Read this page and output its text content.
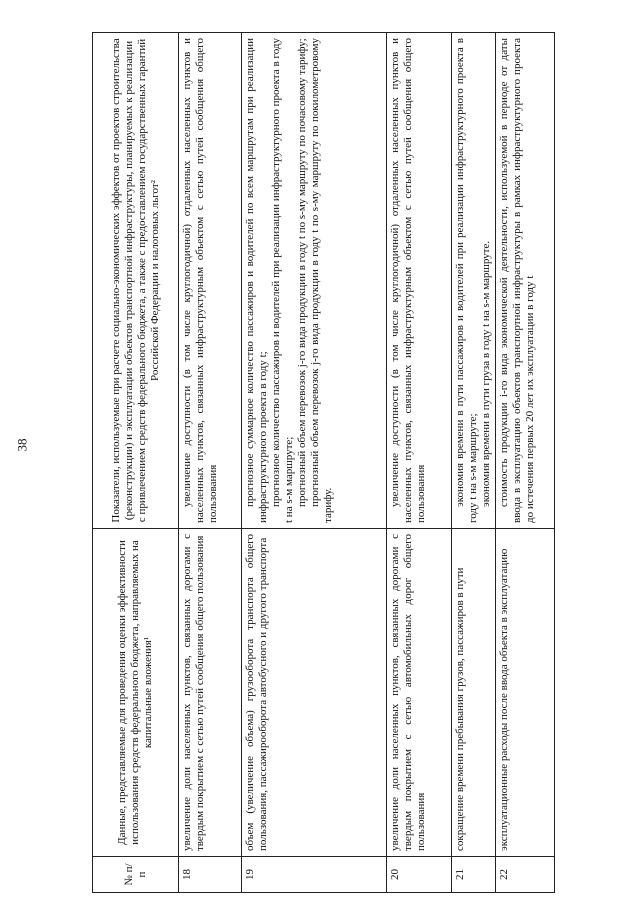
38
№ п/п	Данные, представляемые для проведения оценки эффективности использования средств федерального бюджета, направляемых на капитальные вложения¹	Показатели, используемые при расчете социально-экономических эффектов от проектов строительства (реконструкции) и эксплуатации объектов транспортной инфраструктуры, планируемых к реализации с привлечением средств федерального бюджета, а также с предоставлением государственных гарантий Российской Федерации и налоговых льгот²
18	увеличение доли населенных пунктов, связанных дорогами с твердым покрытием с сетью путей сообщения общего пользования	увеличение доступности (в том числе круглогодичной) отдаленных населенных пунктов и населенных пунктов, связанных инфраструктурным объектом с сетью путей сообщения общего пользования

19	объем (увеличение объема) грузооборота транспорта общего пользования, пассажирооборота автобусного и другого транспорта	прогнозное суммарное количество пассажиров и водителей по всем маршрутам при реализации инфраструктурного проекта в году t; прогнозное количество пассажиров и водителей при реализации инфраструктурного проекта в году t на s-м маршруте; прогнозный объем перевозок j-го вида продукции в году t по s-му маршруту по почасовому тарифу; прогнозный объем перевозок j-го вида продукции в году t по s-му маршруту по покилометровому тарифу.

20	увеличение доли населенных пунктов, связанных дорогами с твердым покрытием с сетью автомобильных дорог общего пользования	увеличение доступности (в том числе круглогодичной) отдаленных населенных пунктов и населенных пунктов, связанных инфраструктурным объектом с сетью путей сообщения общего пользования

21	сокращение времени пребывания грузов, пассажиров в пути	экономия времени в пути пассажиров и водителей при реализации инфраструктурного проекта в году t на s-м маршруте; экономия времени в пути груза в году t на s-м маршруте.

22	эксплуатационные расходы после ввода объекта в эксплуатацию	стоимость продукции i-го вида экономической деятельности, используемой в периоде от даты ввода в эксплуатацию объектов транспортной инфраструктуры в рамках инфраструктурного проекта до истечения первых 20 лет их эксплуатации в году t
